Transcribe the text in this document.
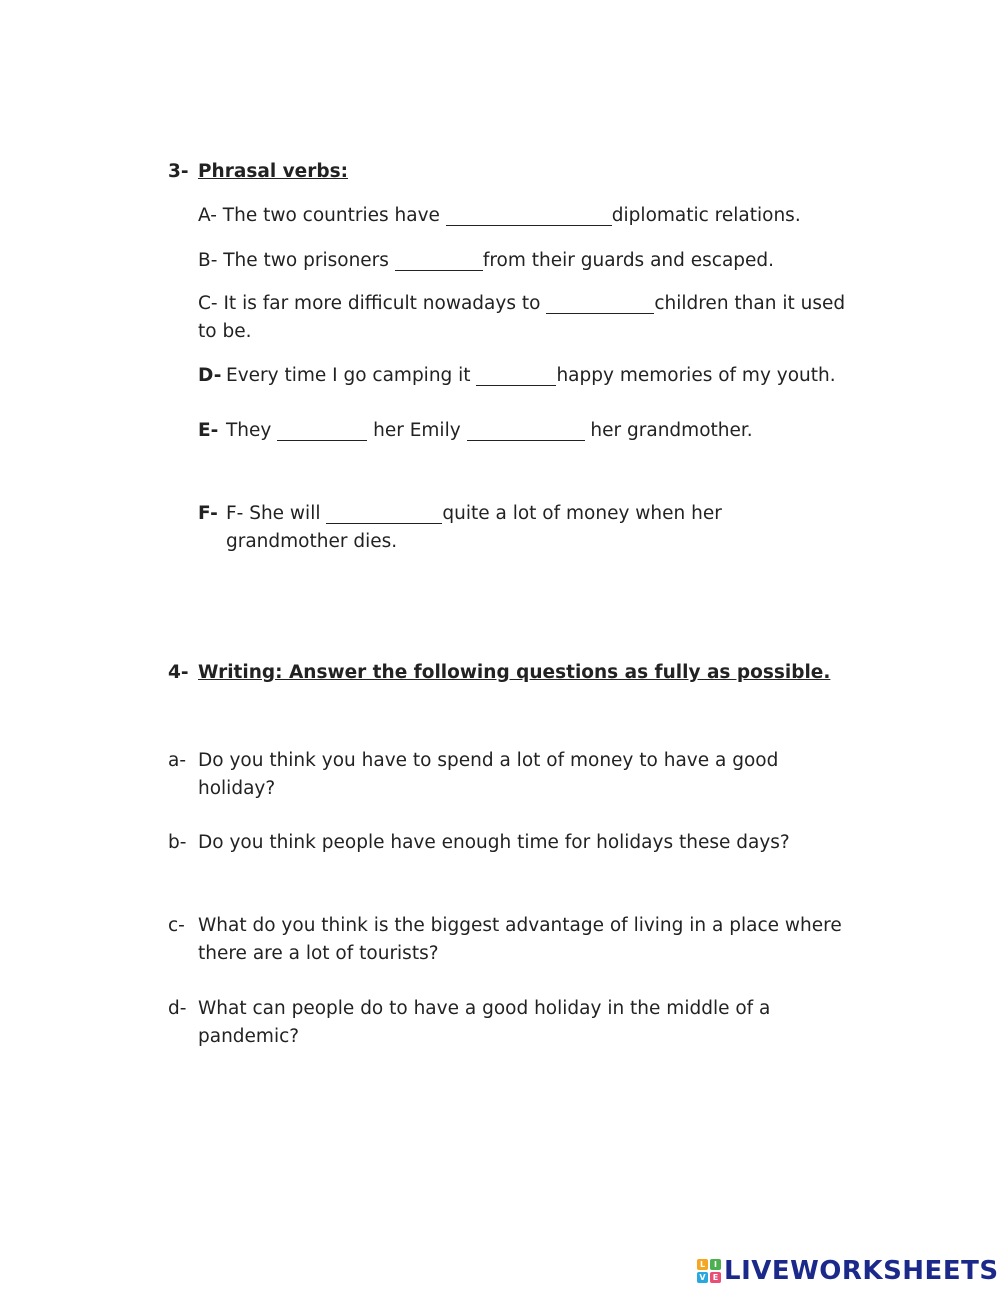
3- Phrasal verbs:
A- The two countries have	diplomatic relations.
B- The two prisoners	from their guards and escaped.
C- It is far more difficult nowadays to	children than it used
to be.
D- Every time I go camping it	happy memories of my youth.
E- They	her Emily	her grandmother.
F- F- She will	quite a lot of money when her
grandmother dies.
4- Writing: Answer the following questions as fully as possible.
a- Do you think you have to spend a lot of money to have a good
holiday?
b- Do you think people have enough time for holidays these days?
c- What do you think is the biggest advantage of living in a place where
there are a lot of tourists?
d- What can people do to have a good holiday in the middle of a
pandemic?
L	I
V E LIVEWORKSHEETS
